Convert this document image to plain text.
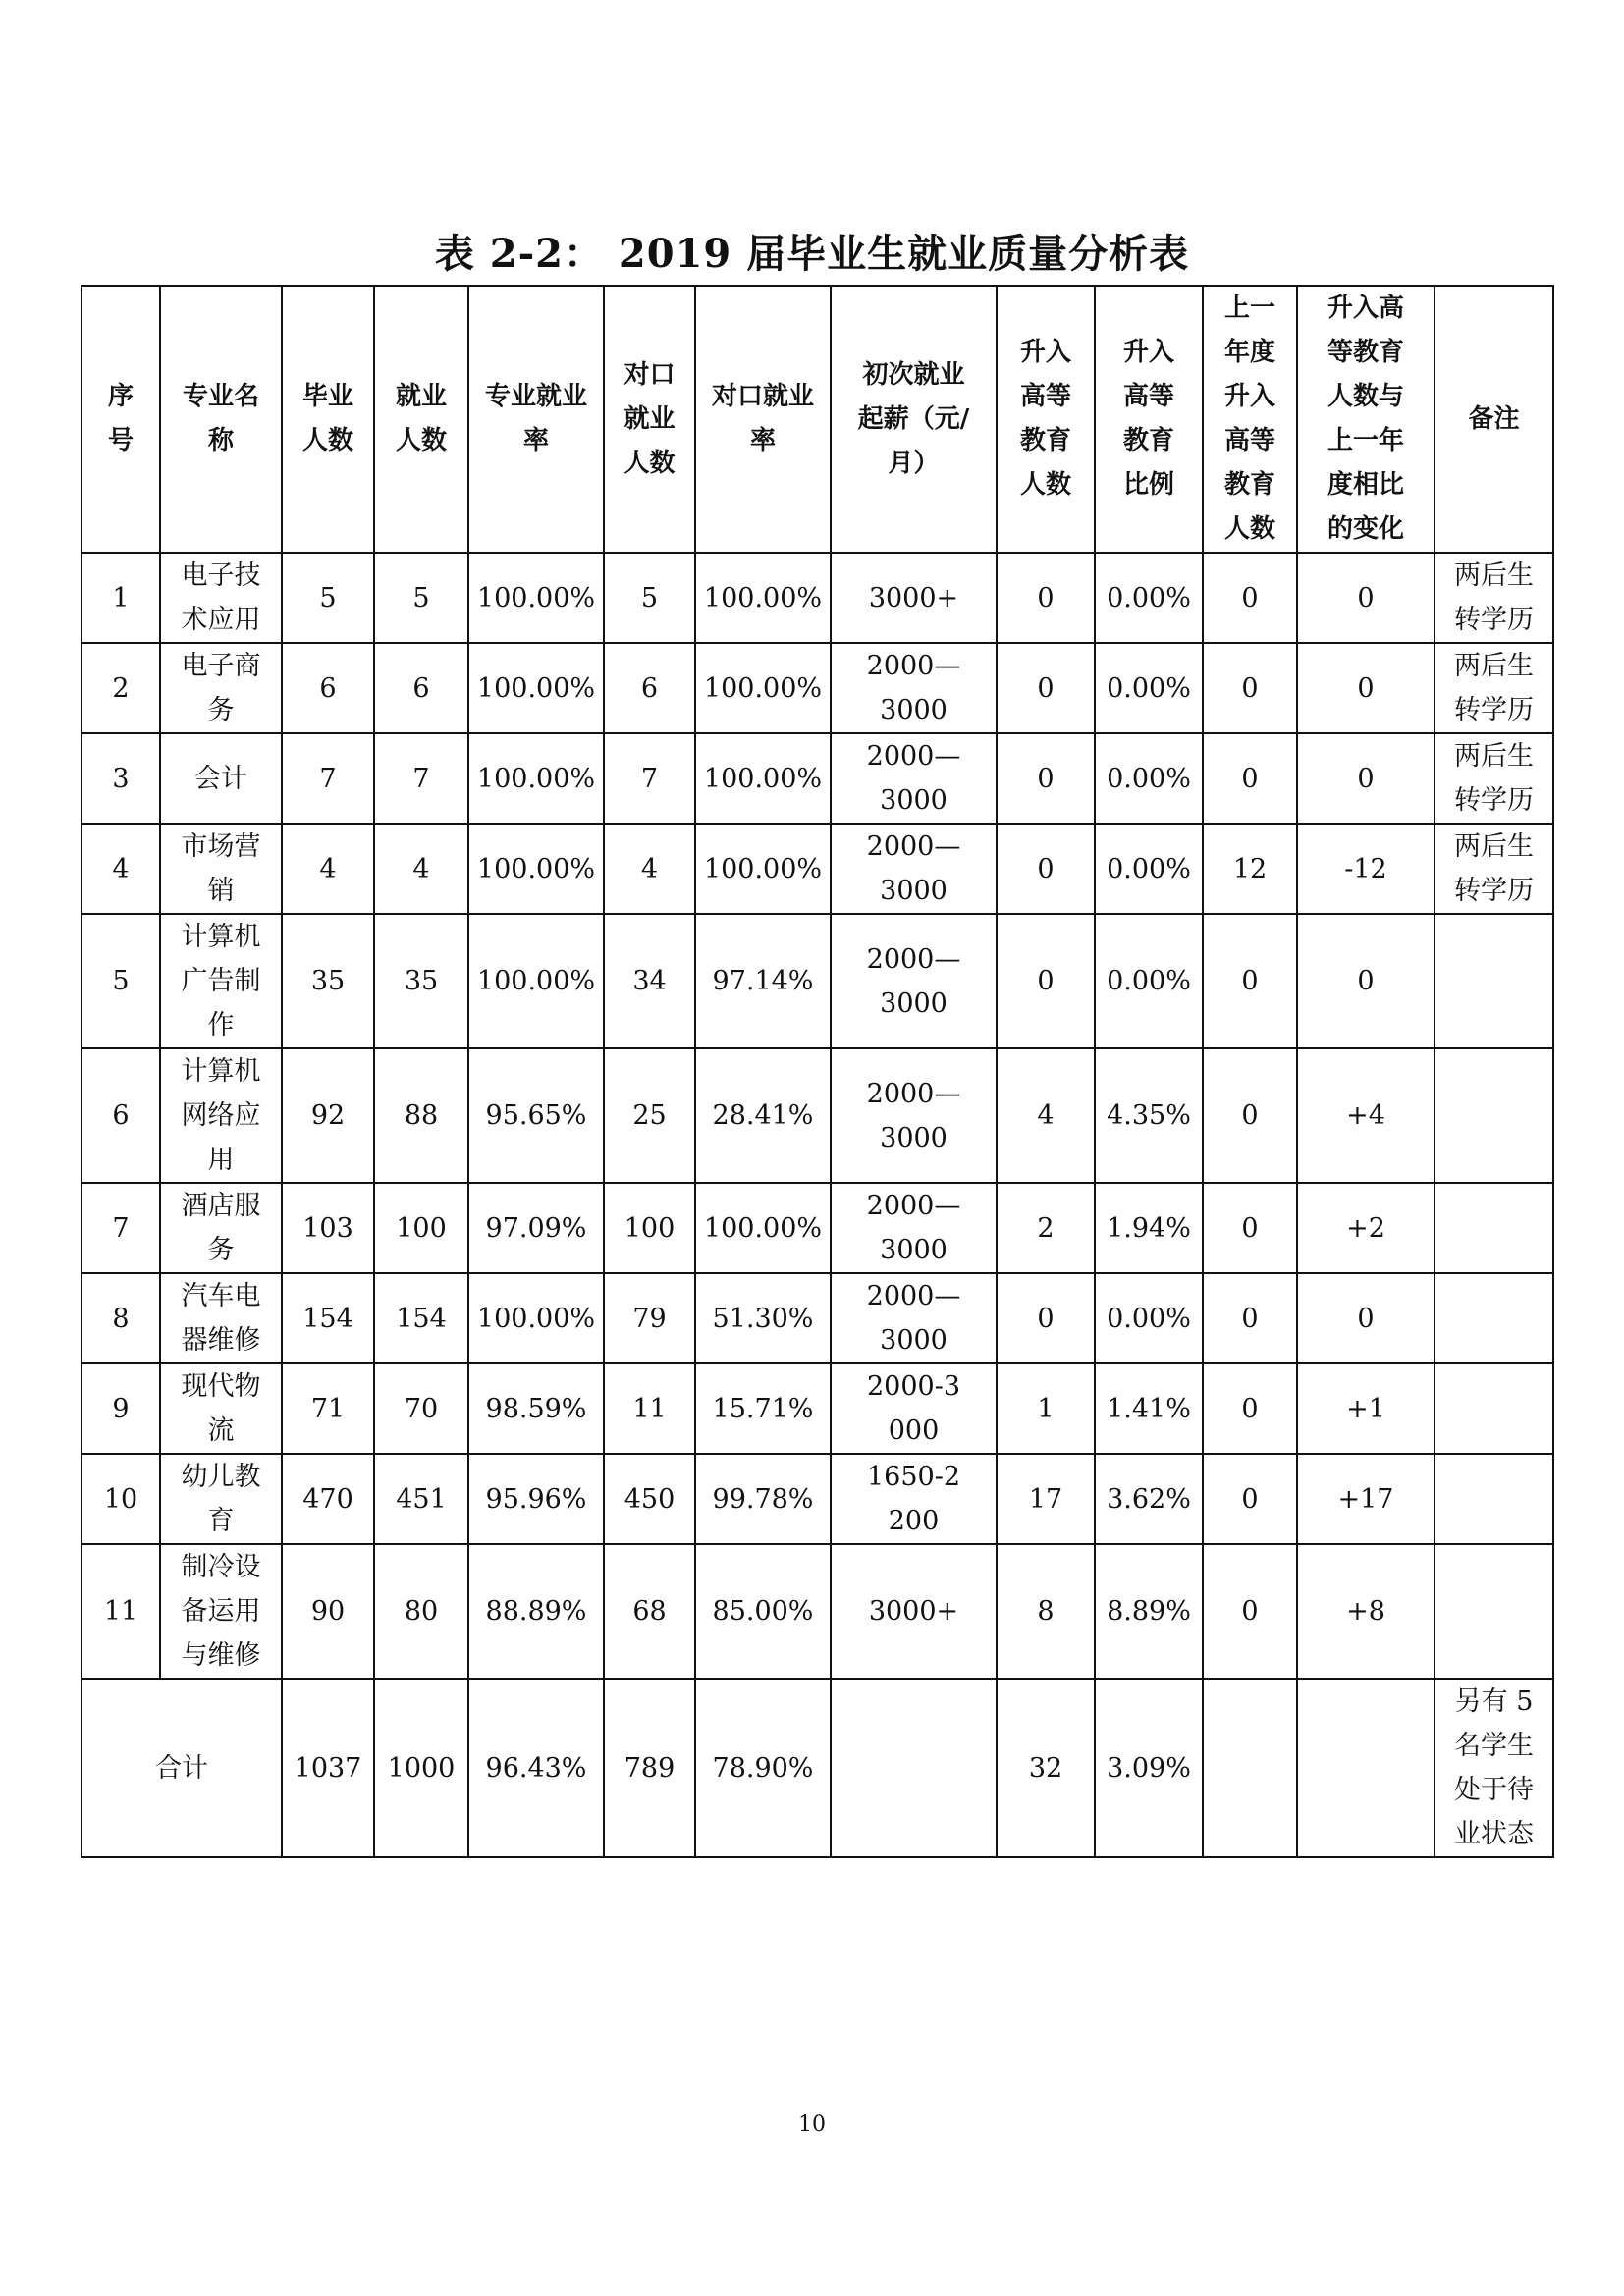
表 2-2： 2019 届毕业生就业质量分析表
序号	专业名称	毕业人数	就业人数	专业就业率	对口就业人数	对口就业率	初次就业起薪（元/月）	升入高等教育人数	升入高等教育比例	上一年度升入高等教育人数	升入高等教育人数与上一年度相比的变化	备注
1	电子技术应用	5	5	100.00%	5	100.00%	3000+	0	0.00%	0	0	两后生转学历
2	电子商务	6	6	100.00%	6	100.00%	2000—3000	0	0.00%	0	0	两后生转学历
3	会计	7	7	100.00%	7	100.00%	2000—3000	0	0.00%	0	0	两后生转学历
4	市场营销	4	4	100.00%	4	100.00%	2000—3000	0	0.00%	12	-12	两后生转学历
5	计算机广告制作	35	35	100.00%	34	97.14%	2000—3000	0	0.00%	0	0	
6	计算机网络应用	92	88	95.65%	25	28.41%	2000—3000	4	4.35%	0	+4	
7	酒店服务	103	100	97.09%	100	100.00%	2000—3000	2	1.94%	0	+2	
8	汽车电器维修	154	154	100.00%	79	51.30%	2000—3000	0	0.00%	0	0	
9	现代物流	71	70	98.59%	11	15.71%	2000-3000	1	1.41%	0	+1	
10	幼儿教育	470	451	95.96%	450	99.78%	1650-2200	17	3.62%	0	+17	
11	制冷设备运用与维修	90	80	88.89%	68	85.00%	3000+	8	8.89%	0	+8	
合计		1037	1000	96.43%	789	78.90%		32	3.09%			另有 5 名学生处于待业状态
10
